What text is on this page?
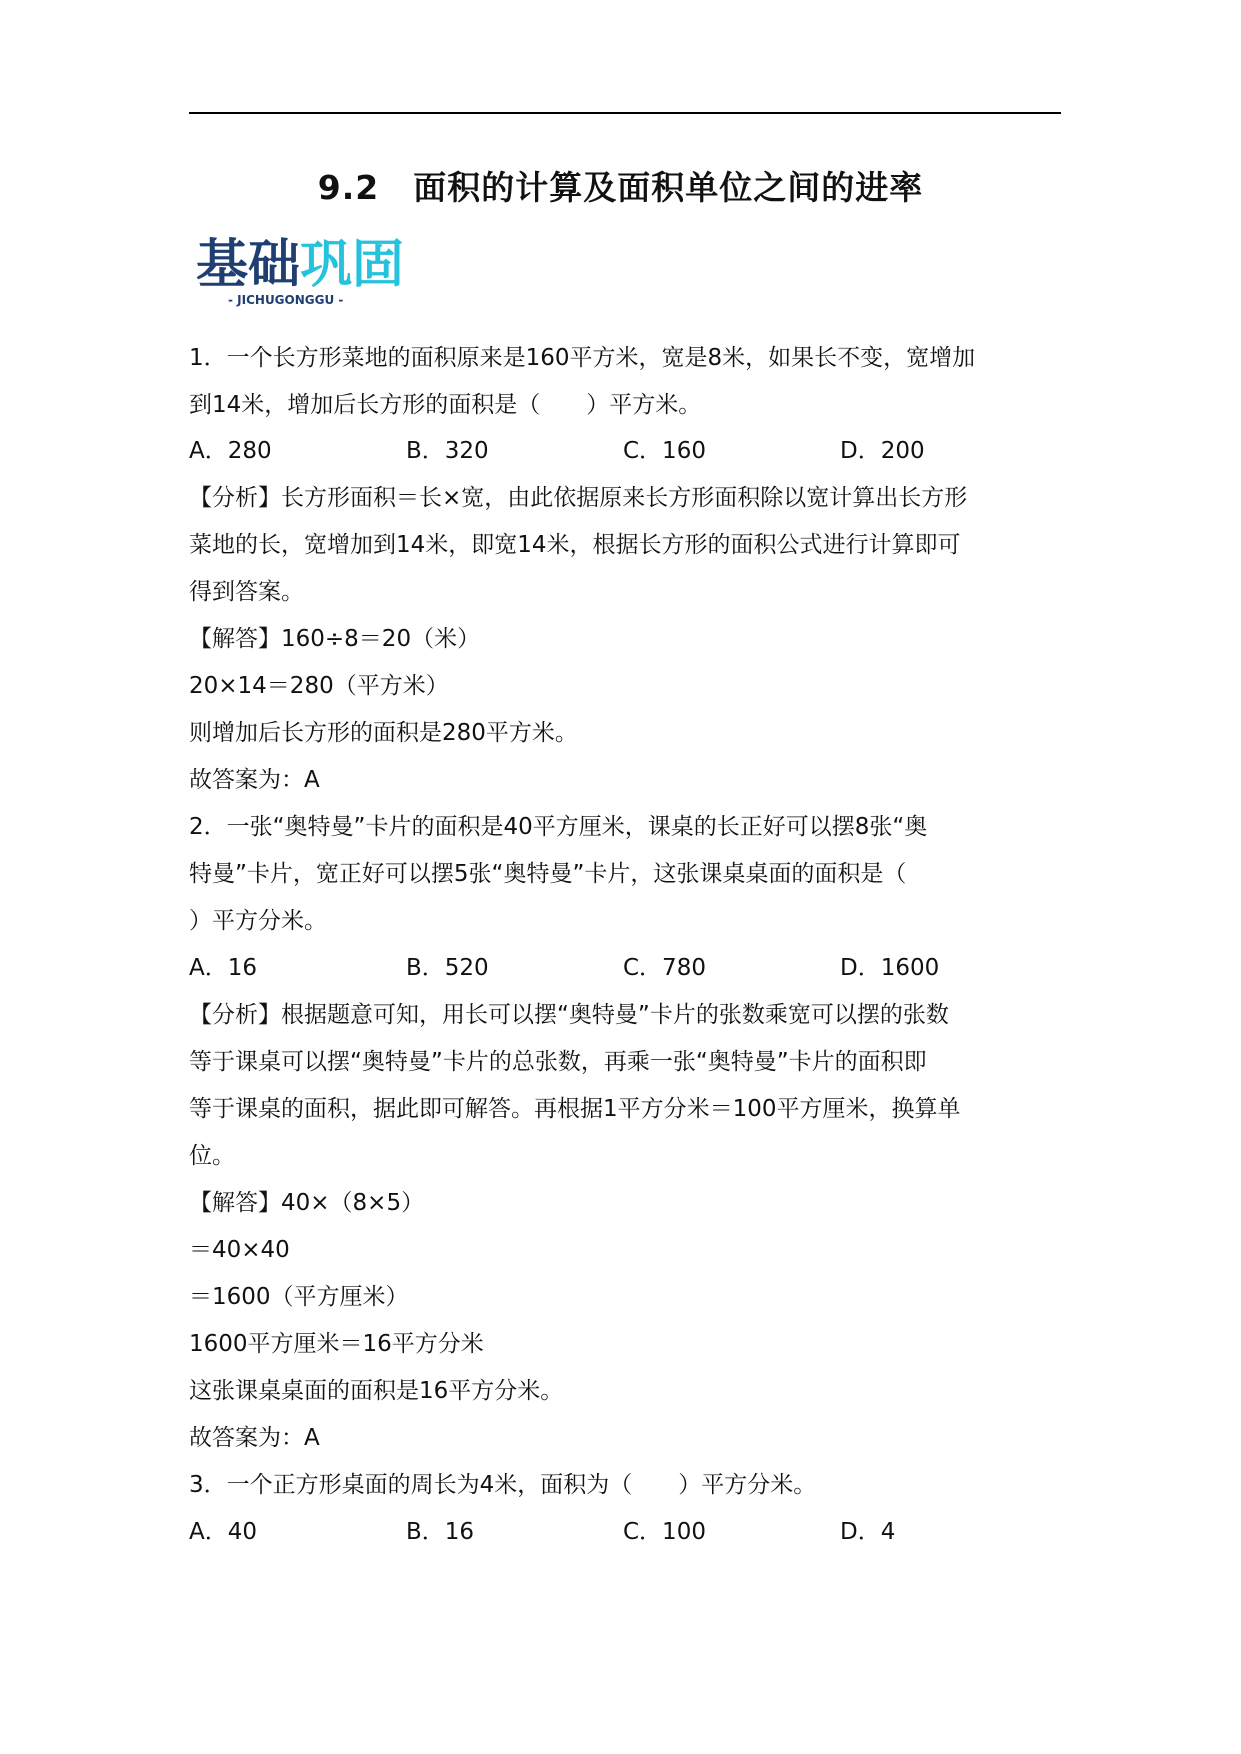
9.2　面积的计算及面积单位之间的进率
基础巩固
- JICHUGONGGU -
1．一个长方形菜地的面积原来是160平方米，宽是8米，如果长不变，宽增加
到14米，增加后长方形的面积是（　　）平方米。
A．280	B．320	C．160	D．200
【分析】长方形面积＝长×宽，由此依据原来长方形面积除以宽计算出长方形
菜地的长，宽增加到14米，即宽14米，根据长方形的面积公式进行计算即可
得到答案。
【解答】160÷8＝20（米）
20×14＝280（平方米）
则增加后长方形的面积是280平方米。
故答案为：A
2．一张“奥特曼”卡片的面积是40平方厘米，课桌的长正好可以摆8张“奥
特曼”卡片，宽正好可以摆5张“奥特曼”卡片，这张课桌桌面的面积是（
）平方分米。
A．16	B．520	C．780	D．1600
【分析】根据题意可知，用长可以摆“奥特曼”卡片的张数乘宽可以摆的张数
等于课桌可以摆“奥特曼”卡片的总张数，再乘一张“奥特曼”卡片的面积即
等于课桌的面积，据此即可解答。再根据1平方分米＝100平方厘米，换算单
位。
【解答】40×（8×5）
＝40×40
＝1600（平方厘米）
1600平方厘米＝16平方分米
这张课桌桌面的面积是16平方分米。
故答案为：A
3．一个正方形桌面的周长为4米，面积为（　　）平方分米。
A．40	B．16	C．100	D．4
